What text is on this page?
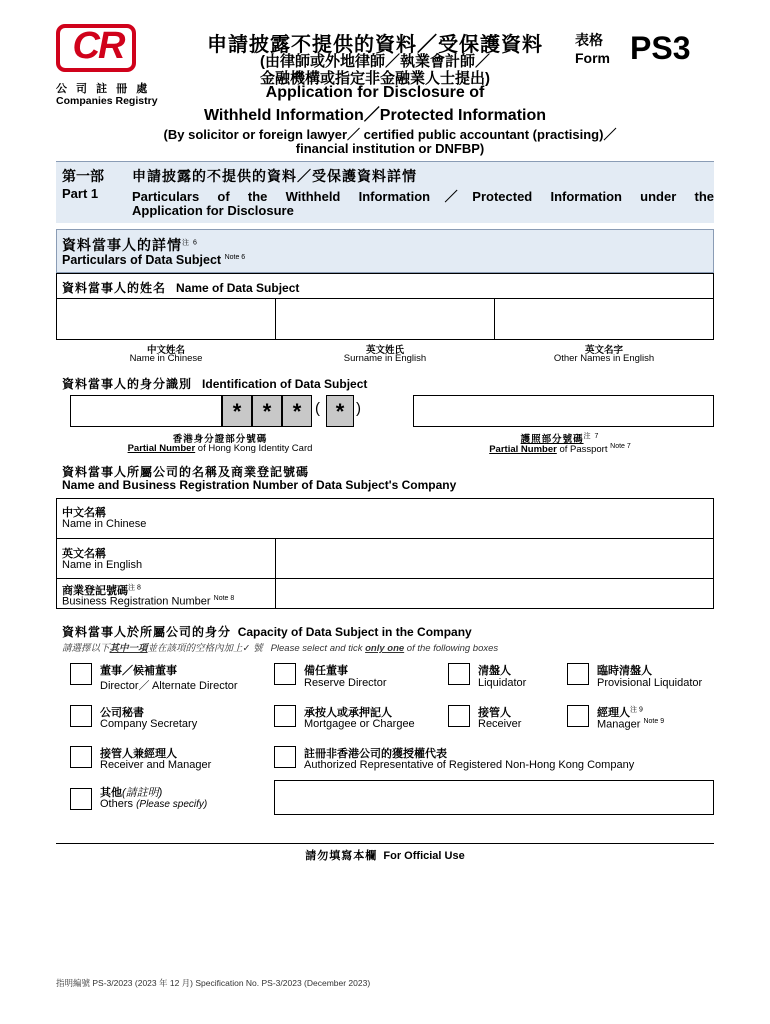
CR
公 司 註 冊 處
Companies Registry
申請披露不提供的資料／受保護資料
(由律師或外地律師／執業會計師／
金融機構或指定非金融業人士提出)
Application for Disclosure of
Withheld Information／Protected Information
表格
Form PS3
(By solicitor or foreign lawyer／ certified public accountant (practising)／
financial institution or DNFBP)
第一部 申請披露的不提供的資料／受保護資料詳情
Part 1	Particulars of the Withheld Information／Protected Information under the
Application for Disclosure
資料當事人的詳情$^{注 6}$
Particulars of Data Subject $^{Note 6}$
資料當事人的姓名 Name of Data Subject
中文姓名
Name in Chinese
英文姓氏
Surname in English
英文名字
Other Names in English
資料當事人的身分識別 Identification of Data Subject
* * * ( * )
香港身分證部分號碼
Partial Number of Hong Kong Identity Card
護照部分號碼$^{注 7}$
Partial Number of Passport $^{Note 7}$
資料當事人所屬公司的名稱及商業登記號碼
Name and Business Registration Number of Data Subject's Company
中文名稱
Name in Chinese
英文名稱
Name in English
商業登記號碼$^{注 8}$
Business Registration Number $^{Note 8}$
資料當事人於所屬公司的身分 Capacity of Data Subject in the Company
請選擇以下其中一項並在該項的空格內加上✓ 號 Please select and tick only one of the following boxes
董事／候補董事
Director／ Alternate Director
備任董事
Reserve Director
清盤人
Liquidator
臨時清盤人
Provisional Liquidator
公司秘書
Company Secretary
承按人或承押記人
Mortgagee or Chargee
接管人
Receiver
經理人$^{注 9}$
Manager $^{Note 9}$
接管人兼經理人
Receiver and Manager
註冊非香港公司的獲授權代表
Authorized Representative of Registered Non-Hong Kong Company
其他(請註明)
Others (Please specify)
請勿填寫本欄 For Official Use
指明編號 PS-3/2023 (2023 年 12 月) Specification No. PS-3/2023 (December 2023)
